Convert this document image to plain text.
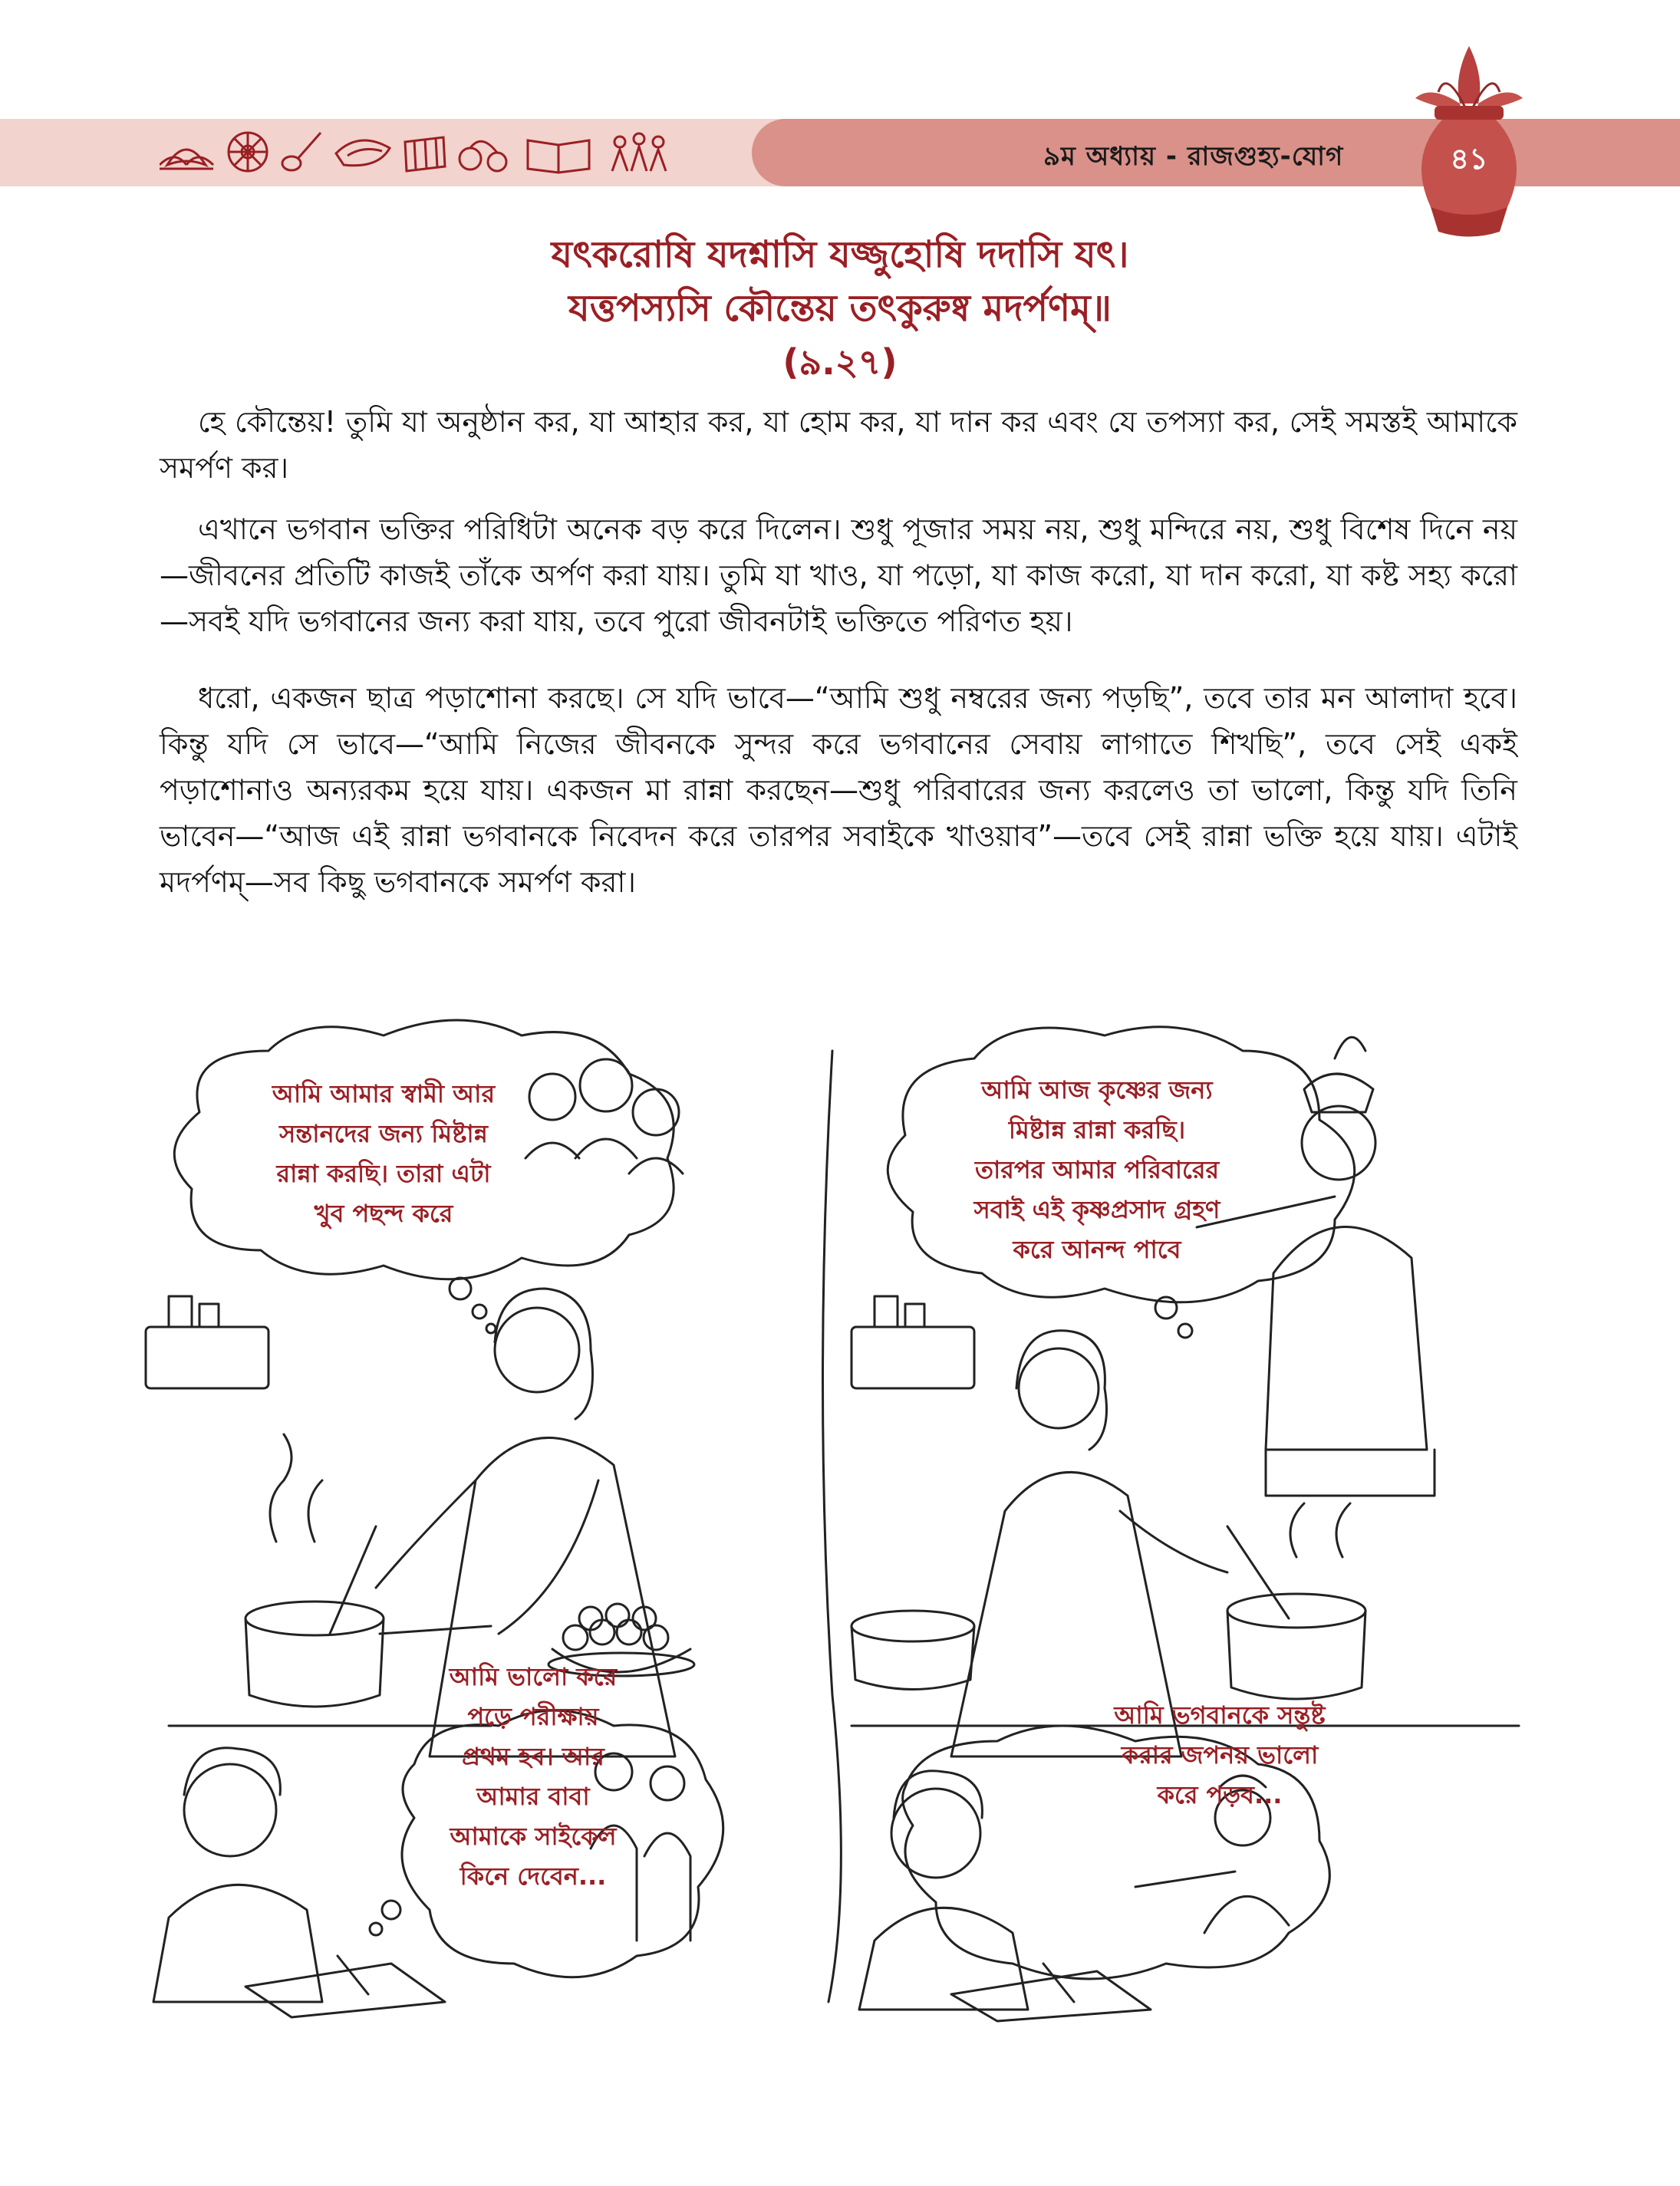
৯ম অধ্যায় - রাজগুহ্য-যোগ	৪১
যৎকরোষি যদশ্নাসি যজ্জুহোষি দদাসি যৎ।
যত্তপস্যসি কৌন্তেয় তৎকুরুষ্ব মদর্পণম্॥
(৯.২৭)

হে কৌন্তেয়! তুমি যা অনুষ্ঠান কর, যা আহার কর, যা হোম কর, যা দান কর এবং যে তপস্যা কর, সেই সমস্তই আমাকে সমর্পণ কর।

এখানে ভগবান ভক্তির পরিধিটা অনেক বড় করে দিলেন। শুধু পূজার সময় নয়, শুধু মন্দিরে নয়, শুধু বিশেষ দিনে নয়—জীবনের প্রতিটি কাজই তাঁকে অর্পণ করা যায়। তুমি যা খাও, যা পড়ো, যা কাজ করো, যা দান করো, যা কষ্ট সহ্য করো—সবই যদি ভগবানের জন্য করা যায়, তবে পুরো জীবনটাই ভক্তিতে পরিণত হয়।

ধরো, একজন ছাত্র পড়াশোনা করছে। সে যদি ভাবে—“আমি শুধু নম্বরের জন্য পড়ছি”, তবে তার মন আলাদা হবে। কিন্তু যদি সে ভাবে—“আমি নিজের জীবনকে সুন্দর করে ভগবানের সেবায় লাগাতে শিখছি”, তবে সেই একই পড়াশোনাও অন্যরকম হয়ে যায়। একজন মা রান্না করছেন—শুধু পরিবারের জন্য করলেও তা ভালো, কিন্তু যদি তিনি ভাবেন—“আজ এই রান্না ভগবানকে নিবেদন করে তারপর সবাইকে খাওয়াব”—তবে সেই রান্না ভক্তি হয়ে যায়। এটাই মদর্পণম্—সব কিছু ভগবানকে সমর্পণ করা।

আমি আমার স্বামী আর
সন্তানদের জন্য মিষ্টান্ন
রান্না করছি। তারা এটা
খুব পছন্দ করে
আমি আজ কৃষ্ণের জন্য
মিষ্টান্ন রান্না করছি।
তারপর আমার পরিবারের
সবাই এই কৃষ্ণপ্রসাদ গ্রহণ
করে আনন্দ পাবে
আমি ভালো করে
পড়ে পরীক্ষায়
প্রথম হব। আর
আমার বাবা
আমাকে সাইকেল
কিনে দেবেন...
আমি ভগবানকে সন্তুষ্ট
করার জপনয় ভালো
করে পড়ব...
